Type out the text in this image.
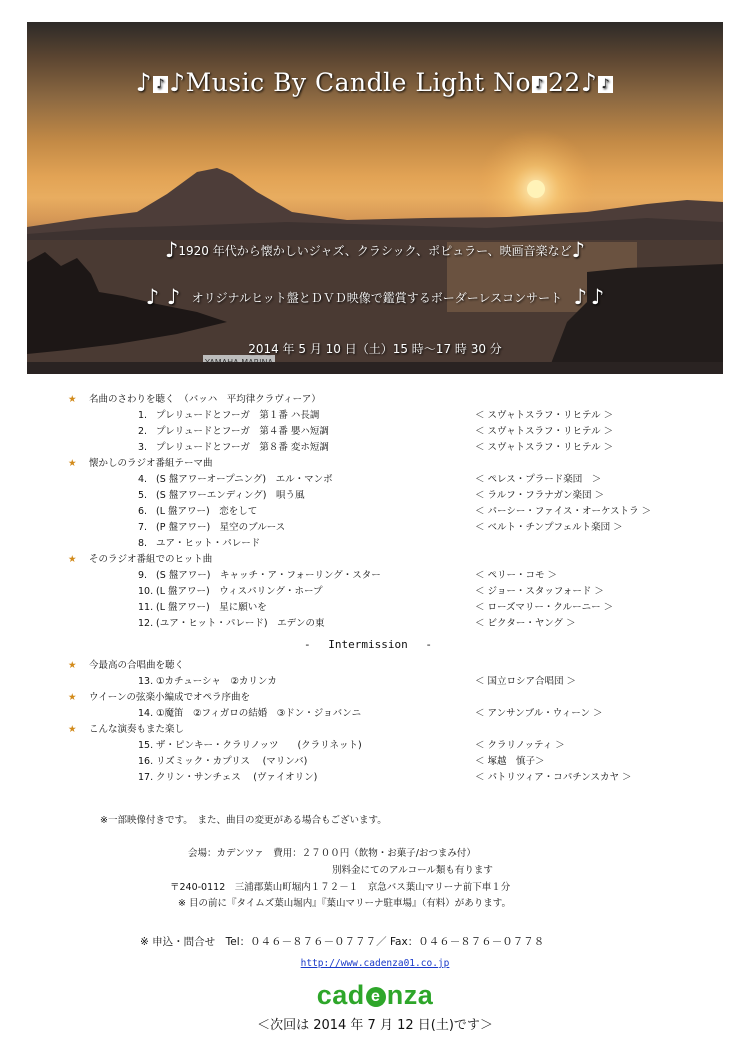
♪ ♪ ♪Music By Candle Light No ♪ 22♪ ♪
♪1920 年代から懐かしいジャズ、クラシック、ポピュラー、映画音楽など♪
♪ ♪ オリジナルヒット盤とＤＶＤ映像で鑑賞するボーダーレスコンサート ♪ ♪
2014 年 5 月 10 日（土）15 時～17 時 30 分
★ 名曲のさわりを聴く　（バッハ　平均律クラヴィーア）
1. プレリュードとフーガ　第１番 ハ長調	＜ スヴャトスラフ・リヒテル ＞
2. プレリュードとフーガ　第４番 嬰ハ短調	＜ スヴャトスラフ・リヒテル ＞
3. プレリュードとフーガ　第８番 変ホ短調	＜ スヴャトスラフ・リヒテル ＞
★ 懐かしのラジオ番組テーマ曲
4. (S 盤アワーオープニング)　エル・マンボ	＜ ペレス・プラード楽団　＞
5. (S 盤アワーエンディング)　唄う風	＜ ラルフ・フラナガン楽団 ＞
6. (L 盤アワー)　恋をして	＜ パーシー・ファイス・オーケストラ ＞
7. (P 盤アワー)　星空のブルース	＜ ベルト・チンプフェルト楽団 ＞
8. ユア・ヒット・パレード
★ そのラジオ番組でのヒット曲
9. (S 盤アワー)　キャッチ・ア・フォーリング・スター	＜ ペリー・コモ ＞
10. (L 盤アワー)　ウィスパリング・ホープ	＜ ジョー・スタッフォード ＞
11. (L 盤アワー)　星に願いを	＜ ローズマリー・クルーニー ＞
12. (ユア・ヒット・パレード)　エデンの東	＜ ビクター・ヤング ＞
-　 Intermission　 -
★ 今最高の合唱曲を聴く
13. ①カチューシャ　②カリンカ	＜ 国立ロシア合唱団 ＞
★ ウイーンの弦楽小編成でオペラ序曲を
14. ①魔笛　②フィガロの結婚　③ドン・ジョバンニ	＜ アンサンブル・ウィーン ＞
★ こんな演奏もまた楽し
15. ザ・ピンキー・クラリノッツ　　(クラリネット)	＜ クラリノッティ ＞
16. リズミック・カプリス　 (マリンバ)	＜ 塚越　慎子＞
17. クリン・サンチェス　 (ヴァイオリン)	＜ パトリツィア・コパチンスカヤ ＞
※一部映像付きです。　また、曲目の変更がある場合もございます。
会場：カデンツァ　費用：２７００円（飲物・お菓子/おつまみ付）
別料金にてのアルコール類も有ります
〒240-0112　三浦郡葉山町堀内１７２－１　京急バス葉山マリーナ前下車１分
※ 目の前に『タイムズ葉山堀内』『葉山マリーナ駐車場』（有料）があります。
※ 申込・問合せ　Tel：０４６－８７６－０７７７／ Fax：０４６－８７６－０７７８
http://www.cadenza01.co.jp
cad e nza
＜次回は 2014 年 7 月 12 日(土)です＞
